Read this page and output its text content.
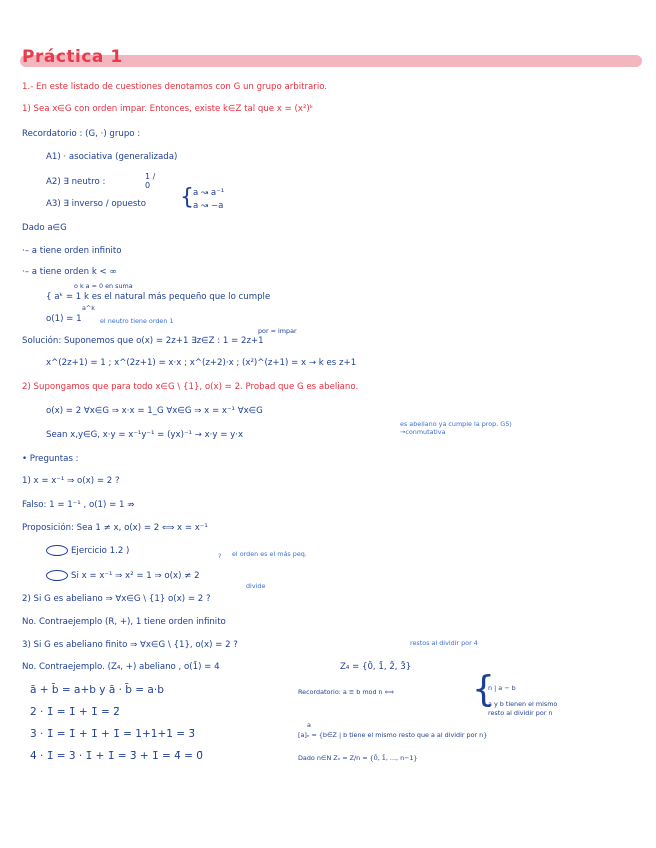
Práctica 1
1.- En este listado de cuestiones denotamos con G un grupo arbitrario.
1) Sea x∈G con orden impar. Entonces, existe k∈Z tal que x = (x²)ᵏ
Recordatorio : (G, ·) grupo :
A1) · asociativa (generalizada)
A2) ∃ neutro :
1 / 0
A3) ∃ inverso / opuesto { a ↝ a⁻¹
a ↝ −a
Dado a∈G
·– a tiene orden infinito
·– a tiene orden k < ∞
o k a = 0 en suma
{ aᵏ = 1 k es el natural más pequeño que lo cumple
a^k
o(1) = 1	el neutro tiene orden 1
por = impar
Solución: Suponemos que o(x) = 2z+1 ∃z∈Z : 1 = 2z+1
x^(2z+1) = 1 ; x^(2z+1) = x·x ; x^(z+2)·x ; (x²)^(z+1) = x → k es z+1
2) Supongamos que para todo x∈G \ {1}, o(x) = 2. Probad que G es abeliano.
o(x) = 2 ∀x∈G ⇒ x·x = 1_G ∀x∈G ⇒ x = x⁻¹ ∀x∈G
Sean x,y∈G, x·y = x⁻¹y⁻¹ = (yx)⁻¹ → x·y = y·x
es abeliano ya cumple la prop. G5) →conmutativa
• Preguntas :
1) x = x⁻¹ ⇒ o(x) = 2 ?
Falso: 1 = 1⁻¹ , o(1) = 1 ⇏
Proposición: Sea 1 ≠ x, o(x) = 2 ⟺ x = x⁻¹
Ejercicio 1.2 )	? el orden es el más peq.
Si x = x⁻¹ ⇒ x² = 1 ⇒ o(x) ≠ 2
divide
2) Si G es abeliano ⇒ ∀x∈G \ {1} o(x) = 2 ?
No. Contraejemplo (R, +), 1 tiene orden infinito
restos al dividir por 4
3) Si G es abeliano finito ⇒ ∀x∈G \ {1}, o(x) = 2 ?
No. Contraejemplo. (Z₄, +) abeliano , o(1̄) = 4	Z₄ = {0̄, 1̄, 2̄, 3̄}
ā + b̄ = a+b y ā · b̄ = a·b
2 · 1̄ = 1̄ + 1̄ = 2̄
3 · 1̄ = 1̄ + 1̄ + 1̄ = 1+1+1 = 3̄
4 · 1̄ = 3 · 1̄ + 1̄ = 3̄ + 1̄ = 4̄ = 0̄
Recordatorio: a ≡ b mod n ⟺ {
n | a − b
a y b tienen el mismo
resto al dividir por n
a
[a]ₙ = {b∈Z | b tiene el mismo resto que a al dividir por n}
Dado n∈N Zₙ = Z/n = {0̄, 1̄, ..., n−1}
